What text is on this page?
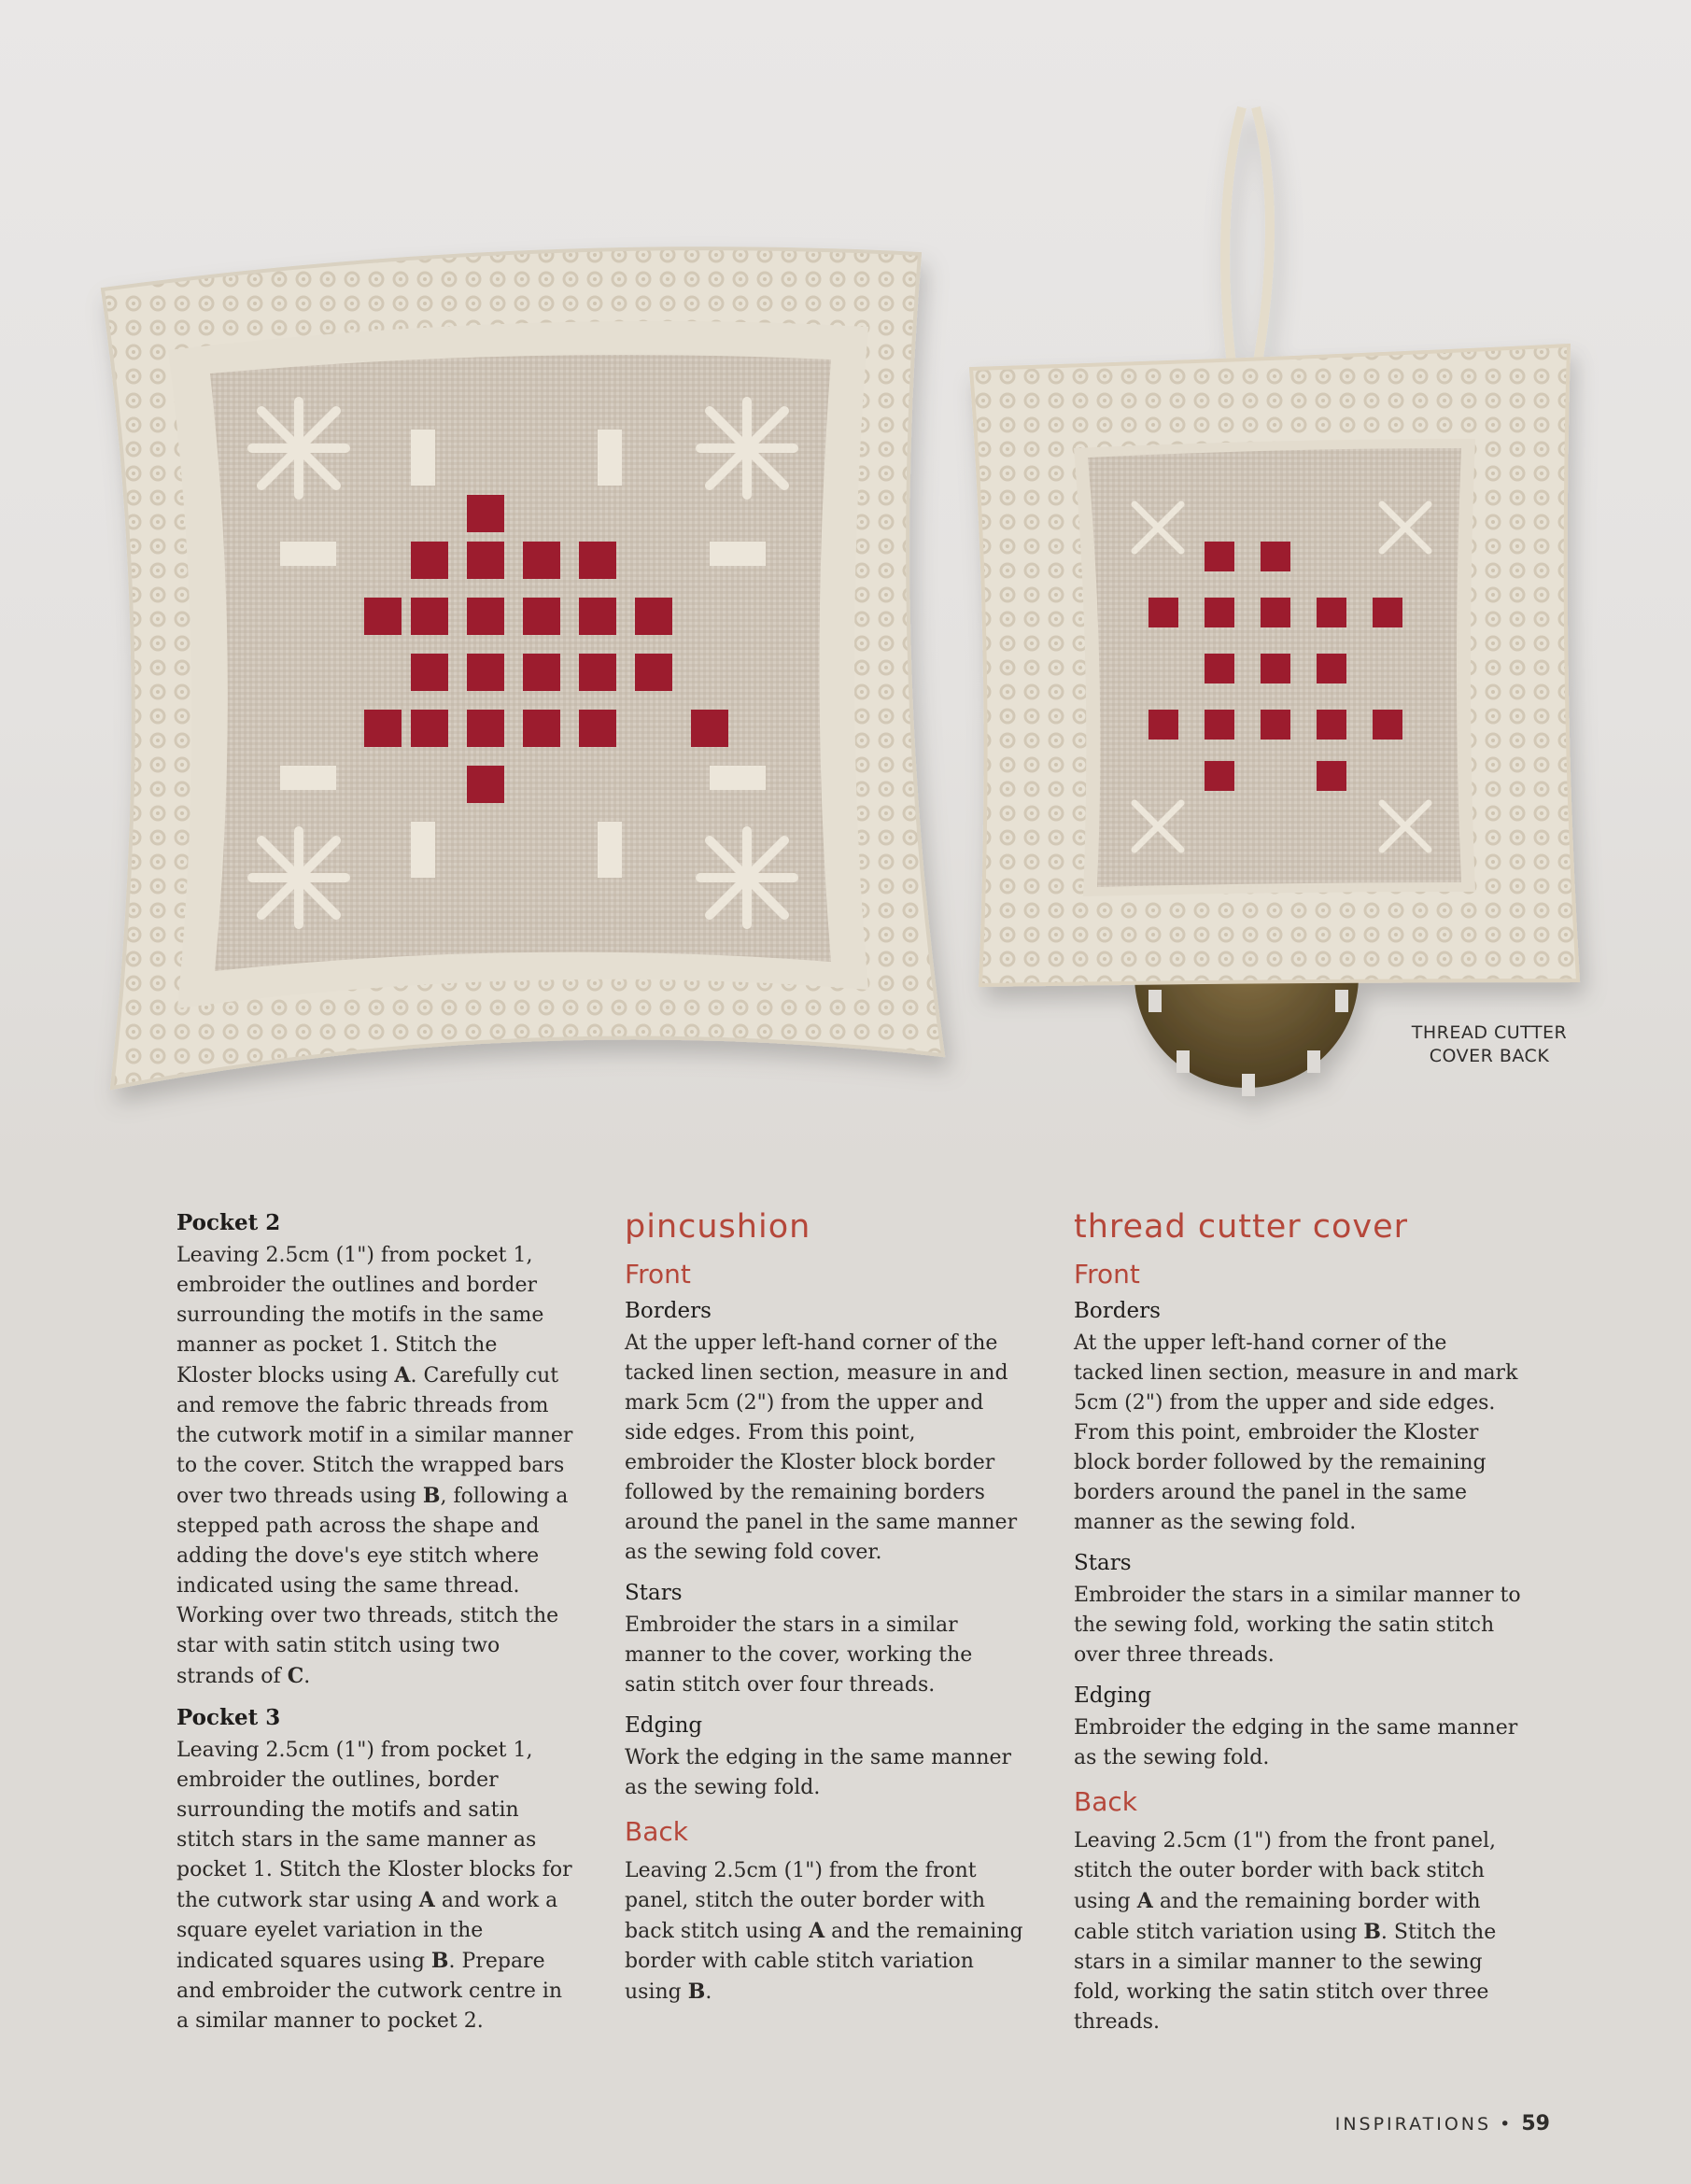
THREAD CUTTER
COVER BACK
Pocket 2

Leaving 2.5cm (1") from pocket 1, embroider the outlines and border surrounding the motifs in the same manner as pocket 1. Stitch the Kloster blocks using A. Carefully cut and remove the fabric threads from the cutwork motif in a similar manner to the cover. Stitch the wrapped bars over two threads using B, following a stepped path across the shape and adding the dove's eye stitch where indicated using the same thread. Working over two threads, stitch the star with satin stitch using two strands of C.

Pocket 3

Leaving 2.5cm (1") from pocket 1, embroider the outlines, border surrounding the motifs and satin stitch stars in the same manner as pocket 1. Stitch the Kloster blocks for the cutwork star using A and work a square eyelet variation in the indicated squares using B. Prepare and embroider the cutwork centre in a similar manner to pocket 2.

pincushion
Front
Borders

At the upper left-hand corner of the tacked linen section, measure in and mark 5cm (2") from the upper and side edges. From this point, embroider the Kloster block border followed by the remaining borders around the panel in the same manner as the sewing fold cover.

Stars

Embroider the stars in a similar manner to the cover, working the satin stitch over four threads.

Edging

Work the edging in the same manner as the sewing fold.

Back

Leaving 2.5cm (1") from the front panel, stitch the outer border with back stitch using A and the remaining border with cable stitch variation using B.

thread cutter cover
Front
Borders

At the upper left-hand corner of the tacked linen section, measure in and mark 5cm (2") from the upper and side edges. From this point, embroider the Kloster block border followed by the remaining borders around the panel in the same manner as the sewing fold.

Stars

Embroider the stars in a similar manner to the sewing fold, working the satin stitch over three threads.

Edging

Embroider the edging in the same manner as the sewing fold.

Back

Leaving 2.5cm (1") from the front panel, stitch the outer border with back stitch using A and the remaining border with cable stitch variation using B. Stitch the stars in a similar manner to the sewing fold, working the satin stitch over three threads.

INSPIRATIONS • 59
